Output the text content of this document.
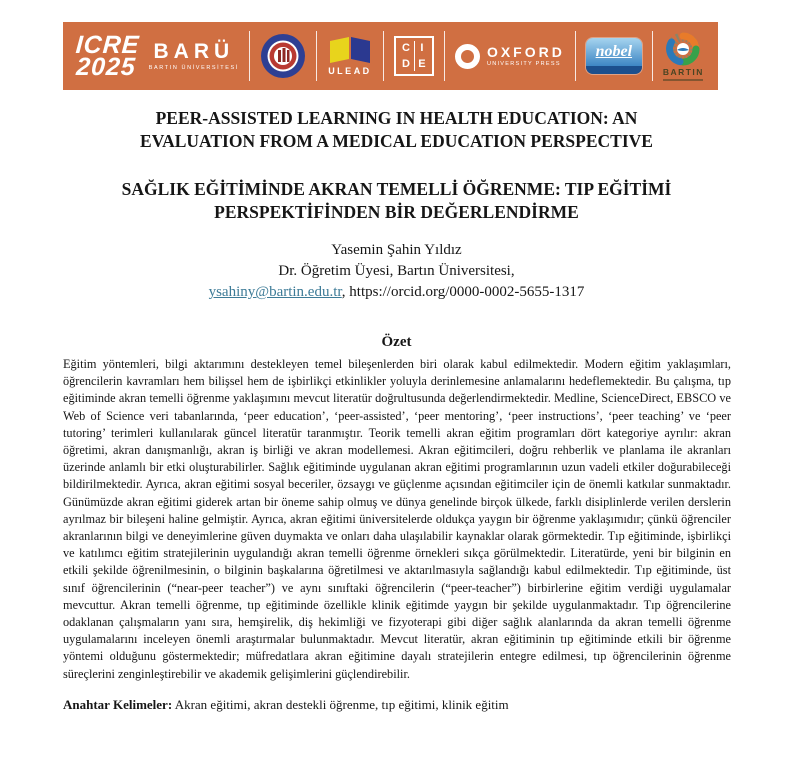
ICRE
2025
BARÜ
BARTIN ÜNİVERSİTESİ	ULEAD
C I
D E
OXFORD
UNIVERSITY PRESS
nobel
BARTIN
PEER-ASSISTED LEARNING IN HEALTH EDUCATION: AN
EVALUATION FROM A MEDICAL EDUCATION PERSPECTIVE
SAĞLIK EĞİTİMİNDE AKRAN TEMELLİ ÖĞRENME: TIP EĞİTİMİ
PERSPEKTİFİNDEN BİR DEĞERLENDİRME
Yasemin Şahin Yıldız
Dr. Öğretim Üyesi, Bartın Üniversitesi,
ysahiny@bartin.edu.tr, https://orcid.org/0000-0002-5655-1317
Özet

Eğitim yöntemleri, bilgi aktarımını destekleyen temel bileşenlerden biri olarak kabul edilmektedir. Modern eğitim yaklaşımları, öğrencilerin kavramları hem bilişsel hem de işbirlikçi etkinlikler yoluyla derinlemesine anlamalarını hedeflemektedir. Bu çalışma, tıp eğitiminde akran temelli öğrenme yaklaşımını mevcut literatür doğrultusunda değerlendirmektedir. Medline, ScienceDirect, EBSCO ve Web of Science veri tabanlarında, ‘peer education’, ‘peer-assisted’, ‘peer mentoring’, ‘peer instructions’, ‘peer teaching’ ve ‘peer tutoring’ terimleri kullanılarak güncel literatür taranmıştır. Teorik temelli akran eğitim programları dört kategoriye ayrılır: akran öğretimi, akran danışmanlığı, akran iş birliği ve akran modellemesi. Akran eğitimcileri, doğru rehberlik ve planlama ile akranları üzerinde anlamlı bir etki oluşturabilirler. Sağlık eğitiminde uygulanan akran eğitimi programlarının uzun vadeli etkiler doğurabileceği bildirilmektedir. Ayrıca, akran eğitimi sosyal beceriler, özsaygı ve güçlenme açısından eğitimciler için de önemli katkılar sunmaktadır. Günümüzde akran eğitimi giderek artan bir öneme sahip olmuş ve dünya genelinde birçok ülkede, farklı disiplinlerde verilen derslerin ayrılmaz bir bileşeni haline gelmiştir. Ayrıca, akran eğitimi üniversitelerde oldukça yaygın bir öğrenme yaklaşımıdır; çünkü öğrenciler akranlarının bilgi ve deneyimlerine güven duymakta ve onları daha ulaşılabilir kaynaklar olarak görmektedir. Tıp eğitiminde, işbirlikçi ve katılımcı eğitim stratejilerinin uygulandığı akran temelli öğrenme örnekleri sıkça görülmektedir. Literatürde, yeni bir bilginin en etkili şekilde öğrenilmesinin, o bilginin başkalarına öğretilmesi ve aktarılmasıyla sağlandığı kabul edilmektedir. Tıp eğitiminde, üst sınıf öğrencilerinin (“near-peer teacher”) ve aynı sınıftaki öğrencilerin (“peer-teacher”) birbirlerine eğitim verdiği uygulamalar mevcuttur. Akran temelli öğrenme, tıp eğitiminde özellikle klinik eğitimde yaygın bir şekilde uygulanmaktadır. Tıp öğrencilerine odaklanan çalışmaların yanı sıra, hemşirelik, diş hekimliği ve fizyoterapi gibi diğer sağlık alanlarında da akran temelli öğrenme uygulamalarını inceleyen önemli araştırmalar bulunmaktadır. Mevcut literatür, akran eğitiminin tıp eğitiminde etkili bir öğrenme yöntemi olduğunu göstermektedir; müfredatlara akran eğitimine dayalı stratejilerin entegre edilmesi, tıp öğrencilerinin öğrenme süreçlerini zenginleştirebilir ve akademik gelişimlerini güçlendirebilir.

Anahtar Kelimeler: Akran eğitimi, akran destekli öğrenme, tıp eğitimi, klinik eğitim
